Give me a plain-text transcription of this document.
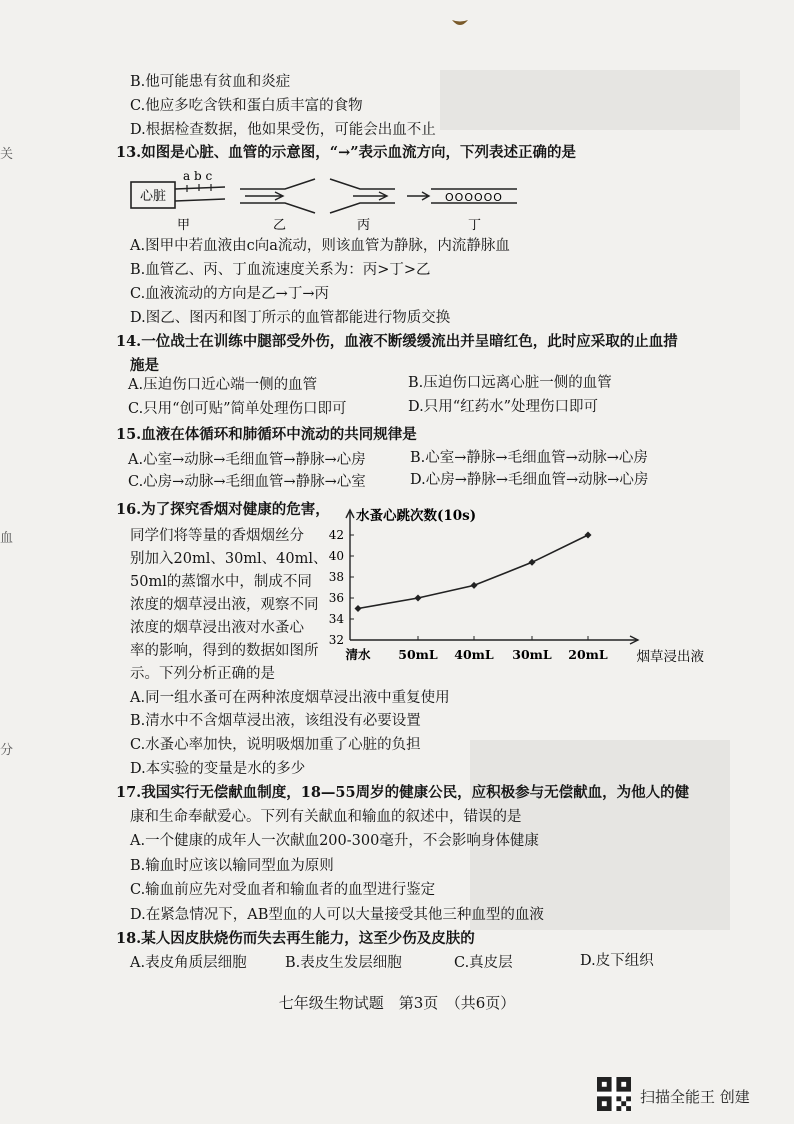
关
血
分
B.他可能患有贫血和炎症
C.他应多吃含铁和蛋白质丰富的食物
D.根据检查数据，他如果受伤，可能会出血不止
13.如图是心脏、血管的示意图，“→”表示血流方向，下列表述正确的是
心脏
a b c
甲	乙	丙
OOOOOO
丁
A.图甲中若血液由c向a流动，则该血管为静脉，内流静脉血
B.血管乙、丙、丁血流速度关系为：丙>丁>乙
C.血液流动的方向是乙→丁→丙
D.图乙、图丙和图丁所示的血管都能进行物质交换
14.一位战士在训练中腿部受外伤，血液不断缓缓流出并呈暗红色，此时应采取的止血措
施是
A.压迫伤口近心端一侧的血管	B.压迫伤口远离心脏一侧的血管
C.只用“创可贴”简单处理伤口即可	D.只用“红药水”处理伤口即可
15.血液在体循环和肺循环中流动的共同规律是
A.心室→动脉→毛细血管→静脉→心房	B.心室→静脉→毛细血管→动脉→心房
C.心房→动脉→毛细血管→静脉→心室	D.心房→静脉→毛细血管→动脉→心房
16.为了探究香烟对健康的危害，
同学们将等量的香烟烟丝分
别加入20ml、30ml、40ml、
50ml的蒸馏水中，制成不同
浓度的烟草浸出液，观察不同
浓度的烟草浸出液对水蚤心
率的影响，得到的数据如图所
示。下列分析正确的是
32
34
36
38
40
42
清水 50mL 40mL 30mL 20mL
水蚤心跳次数(10s)
烟草浸出液
A.同一组水蚤可在两种浓度烟草浸出液中重复使用
B.清水中不含烟草浸出液，该组没有必要设置
C.水蚤心率加快，说明吸烟加重了心脏的负担
D.本实验的变量是水的多少
17.我国实行无偿献血制度，18—55周岁的健康公民，应积极参与无偿献血，为他人的健
康和生命奉献爱心。下列有关献血和输血的叙述中，错误的是
A.一个健康的成年人一次献血200-300毫升，不会影响身体健康
B.输血时应该以输同型血为原则
C.输血前应先对受血者和输血者的血型进行鉴定
D.在紧急情况下，AB型血的人可以大量接受其他三种血型的血液
18.某人因皮肤烧伤而失去再生能力，这至少伤及皮肤的
A.表皮角质层细胞	B.表皮生发层细胞	C.真皮层	D.皮下组织
七年级生物试题　第3页　（共6页）
扫描全能王 创建
